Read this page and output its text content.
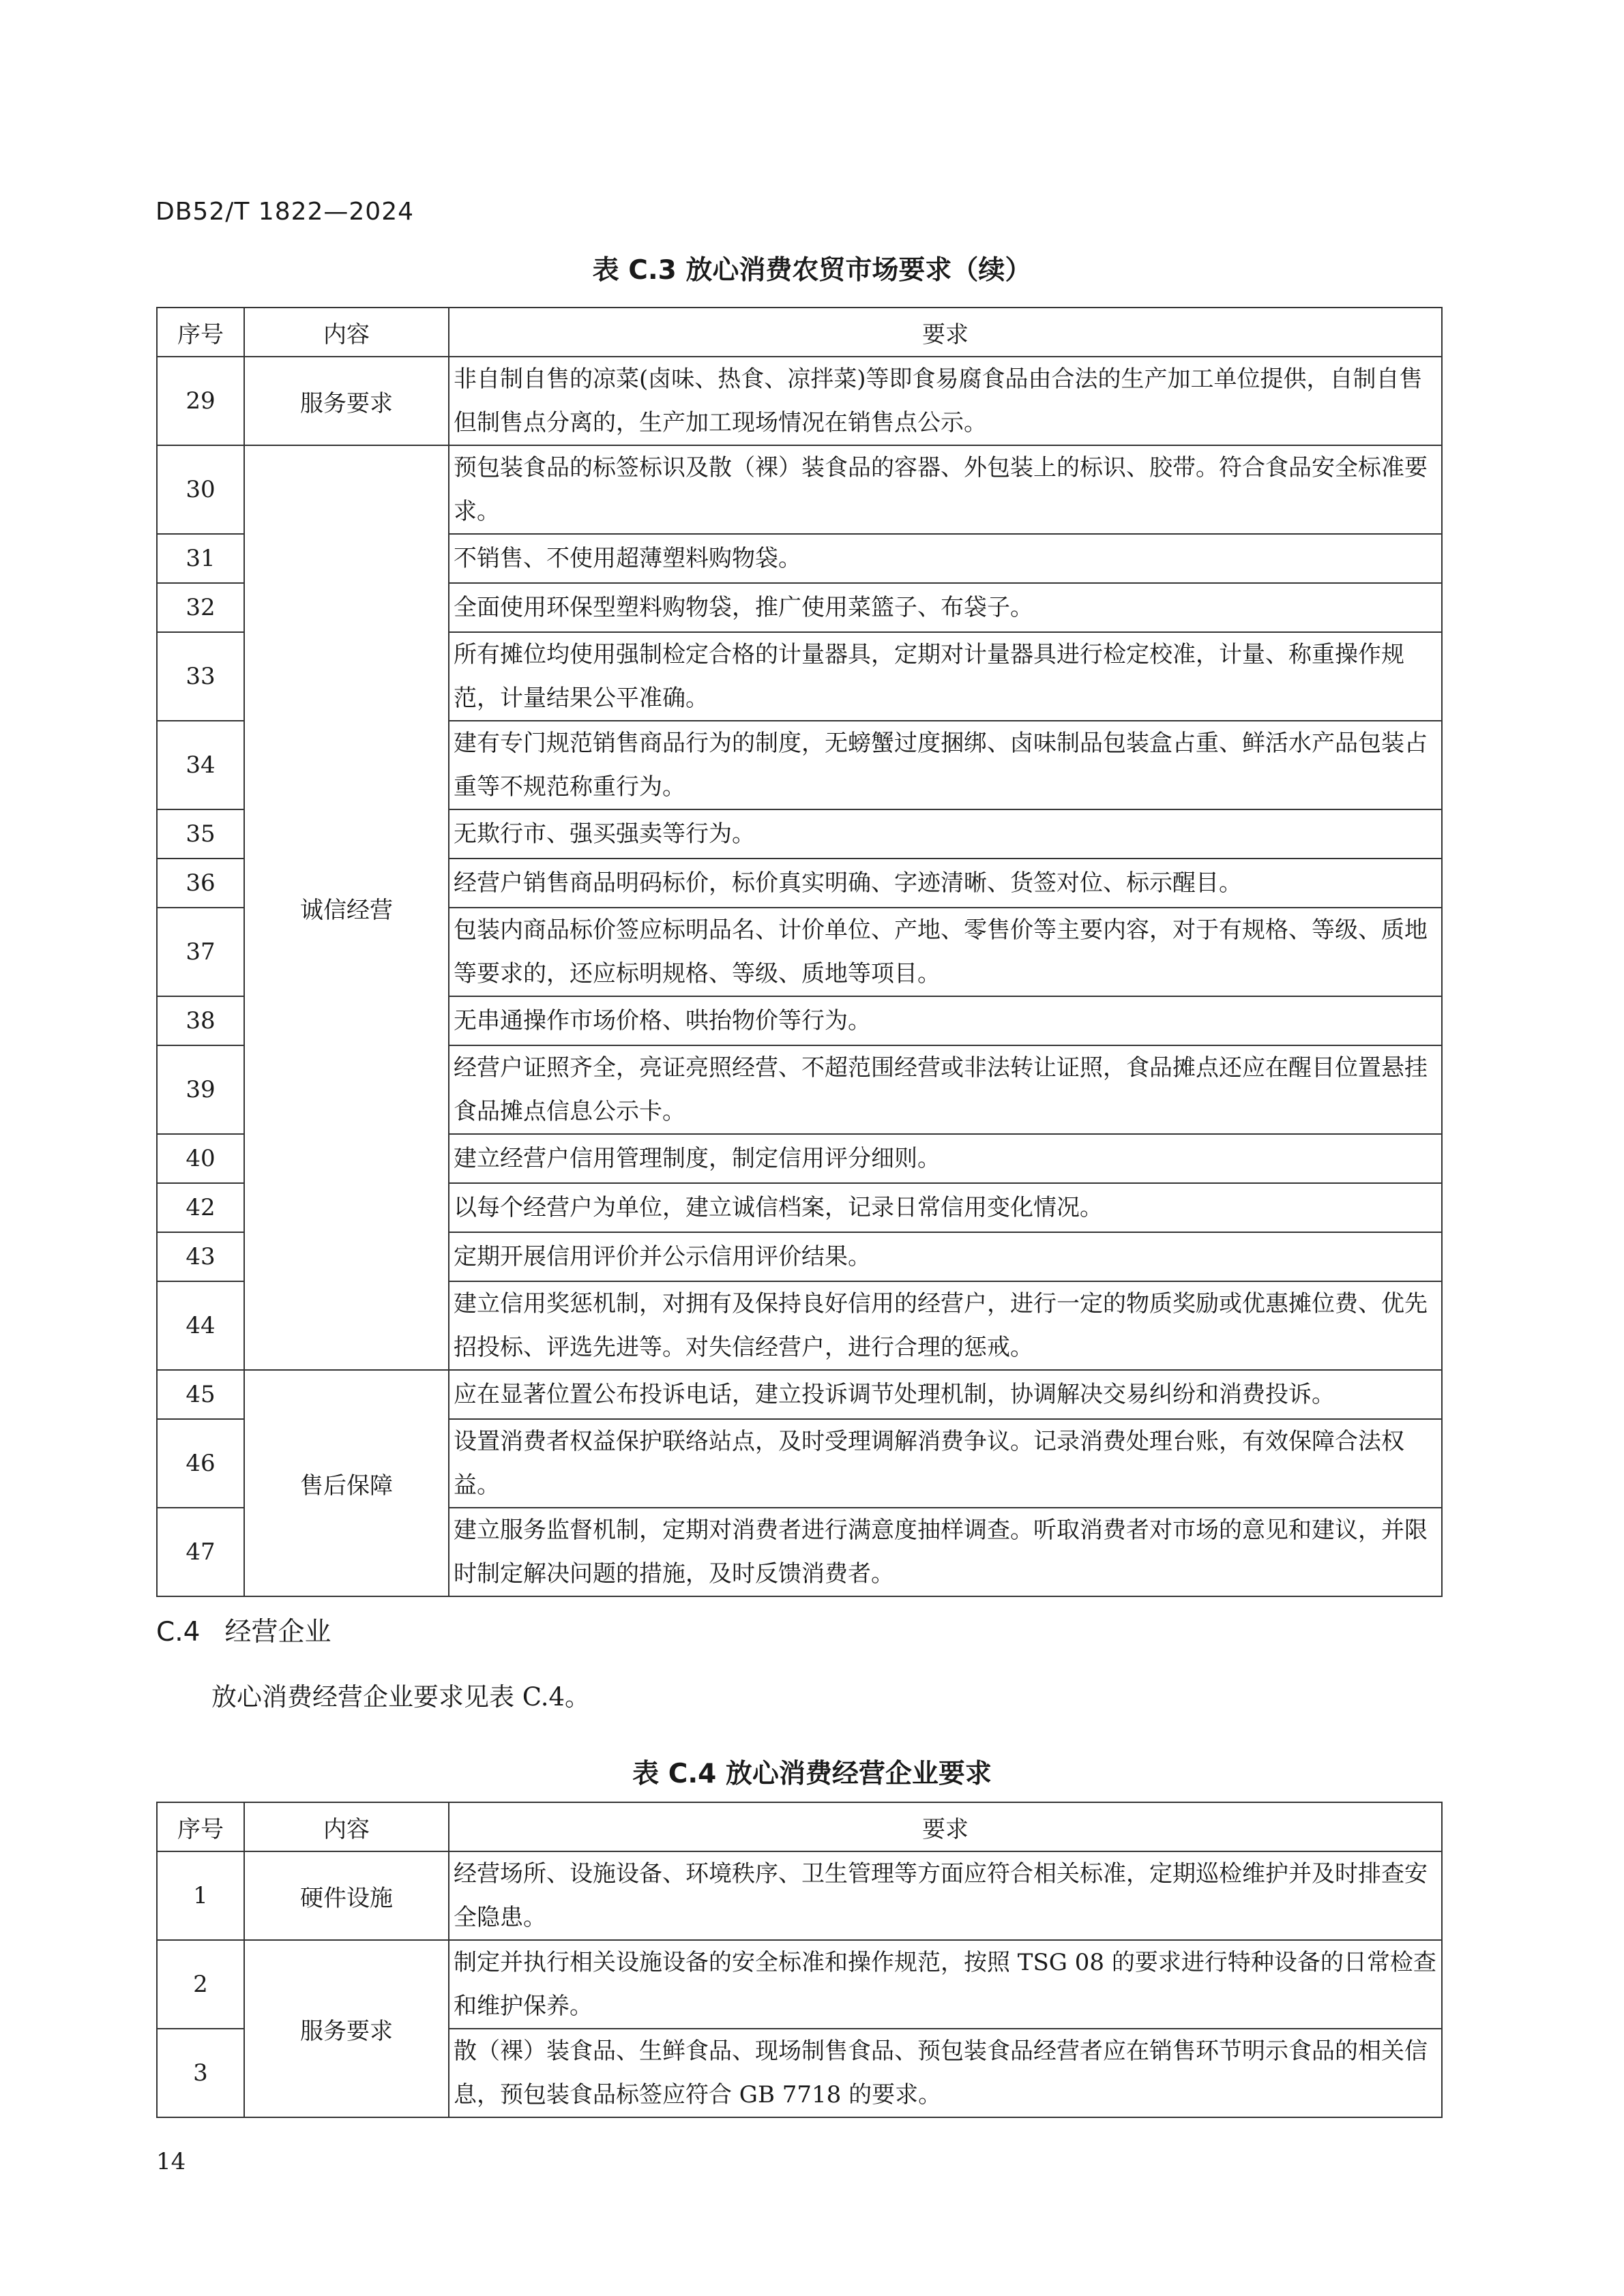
DB52/T 1822—2024
表 C.3 放心消费农贸市场要求（续）
序号	内容	要求
29	服务要求	非自制自售的凉菜(卤味、热食、凉拌菜)等即食易腐食品由合法的生产加工单位提供，自制自售但制售点分离的，生产加工现场情况在销售点公示。
30	诚信经营	预包装食品的标签标识及散（裸）装食品的容器、外包装上的标识、胶带。符合食品安全标准要求。
31		不销售、不使用超薄塑料购物袋。
32		全面使用环保型塑料购物袋，推广使用菜篮子、布袋子。
33		所有摊位均使用强制检定合格的计量器具，定期对计量器具进行检定校准，计量、称重操作规范，计量结果公平准确。
34		建有专门规范销售商品行为的制度，无螃蟹过度捆绑、卤味制品包装盒占重、鲜活水产品包装占重等不规范称重行为。
35		无欺行市、强买强卖等行为。
36		经营户销售商品明码标价，标价真实明确、字迹清晰、货签对位、标示醒目。
37		包装内商品标价签应标明品名、计价单位、产地、零售价等主要内容，对于有规格、等级、质地等要求的，还应标明规格、等级、质地等项目。
38		无串通操作市场价格、哄抬物价等行为。
39		经营户证照齐全，亮证亮照经营、不超范围经营或非法转让证照，食品摊点还应在醒目位置悬挂食品摊点信息公示卡。
40		建立经营户信用管理制度，制定信用评分细则。
42		以每个经营户为单位，建立诚信档案，记录日常信用变化情况。
43		定期开展信用评价并公示信用评价结果。
44		建立信用奖惩机制，对拥有及保持良好信用的经营户，进行一定的物质奖励或优惠摊位费、优先招投标、评选先进等。对失信经营户，进行合理的惩戒。
45	售后保障	应在显著位置公布投诉电话，建立投诉调节处理机制，协调解决交易纠纷和消费投诉。
46		设置消费者权益保护联络站点，及时受理调解消费争议。记录消费处理台账，有效保障合法权益。
47		建立服务监督机制，定期对消费者进行满意度抽样调查。听取消费者对市场的意见和建议，并限时制定解决问题的措施，及时反馈消费者。
C.4 经营企业
放心消费经营企业要求见表 C.4。
表 C.4 放心消费经营企业要求
序号	内容	要求
1	硬件设施	经营场所、设施设备、环境秩序、卫生管理等方面应符合相关标准，定期巡检维护并及时排查安全隐患。
2	服务要求	制定并执行相关设施设备的安全标准和操作规范，按照 TSG 08 的要求进行特种设备的日常检查和维护保养。
3		散（裸）装食品、生鲜食品、现场制售食品、预包装食品经营者应在销售环节明示食品的相关信息，预包装食品标签应符合 GB 7718 的要求。
14
